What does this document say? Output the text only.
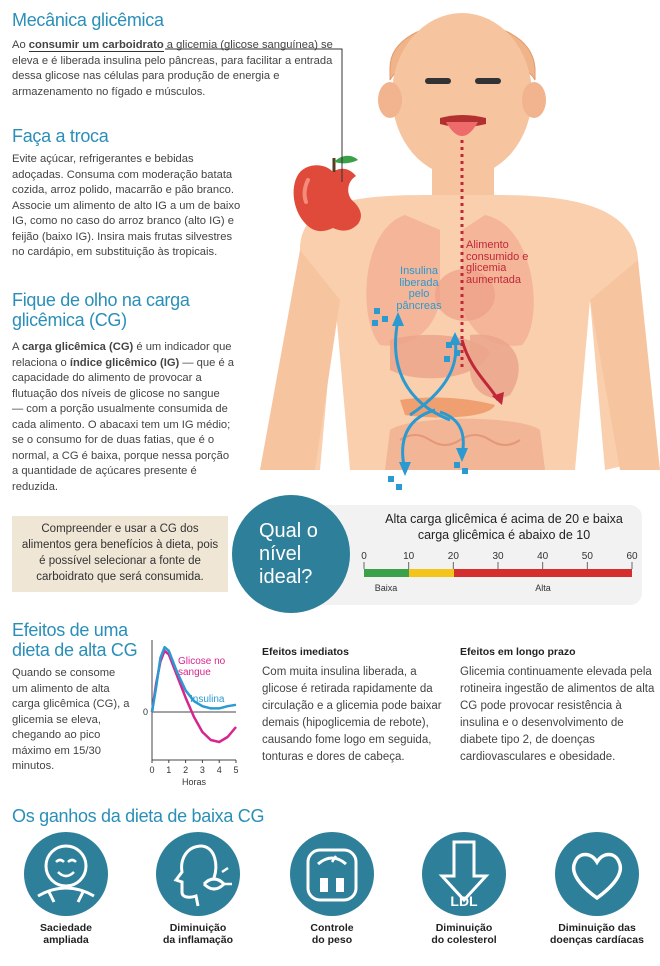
Alimento consumido e glicemia aumentada
Insulina liberada pelo pâncreas
Mecânica glicêmica
Ao consumir um carboidrato a glicemia (glicose sanguínea) se eleva e é liberada insulina pelo pâncreas, para facilitar a entrada dessa glicose nas células para produção de energia e armazenamento no fígado e músculos.
Faça a troca
Evite açúcar, refrigerantes e bebidas adoçadas. Consuma com moderação batata cozida, arroz polido, macarrão e pão branco. Associe um alimento de alto IG a um de baixo IG, como no caso do arroz branco (alto IG) e feijão (baixo IG). Insira mais frutas silvestres no cardápio, em substituição às tropicais.
Fique de olho na carga
glicêmica (CG)
A carga glicêmica (CG) é um indicador que relaciona o índice glicêmico (IG) — que é a capacidade do alimento de provocar a flutuação dos níveis de glicose no sangue — com a porção usualmente consumida de cada alimento. O abacaxi tem um IG médio; se o consumo for de duas fatias, que é o normal, a CG é baixa, porque nessa porção a quantidade de açúcares presente é reduzida.
Compreender e usar a CG dos alimentos gera benefícios à dieta, pois é possível selecionar a fonte de carboidrato que será consumida.
Qual o nível ideal?
Alta carga glicêmica é acima de 20 e baixa carga glicêmica é abaixo de 10
0	10	20	30	40	50	60
Baixa	Alta
Efeitos de uma
dieta de alta CG
Quando se consome um alimento de alta carga glicêmica (CG), a glicemia se eleva, chegando ao pico máximo em 15/30 minutos.
0
0 1 2 3 4 5
Horas
Glicose no sangue
Insulina
Efeitos imediatos
Com muita insulina liberada, a glicose é retirada rapidamente da circulação e a glicemia pode baixar demais (hipoglicemia de rebote), causando fome logo em seguida, tonturas e dores de cabeça.
Efeitos em longo prazo
Glicemia continuamente elevada pela rotineira ingestão de alimentos de alta CG pode provocar resistência à insulina e o desenvolvimento de diabete tipo 2, de doenças cardiovasculares e obesidade.
Os ganhos da dieta de baixa CG
Saciedade
ampliada
Diminuição
da inflamação
Controle
do peso
LDL
Diminuição
do colesterol
Diminuição das
doenças cardíacas
